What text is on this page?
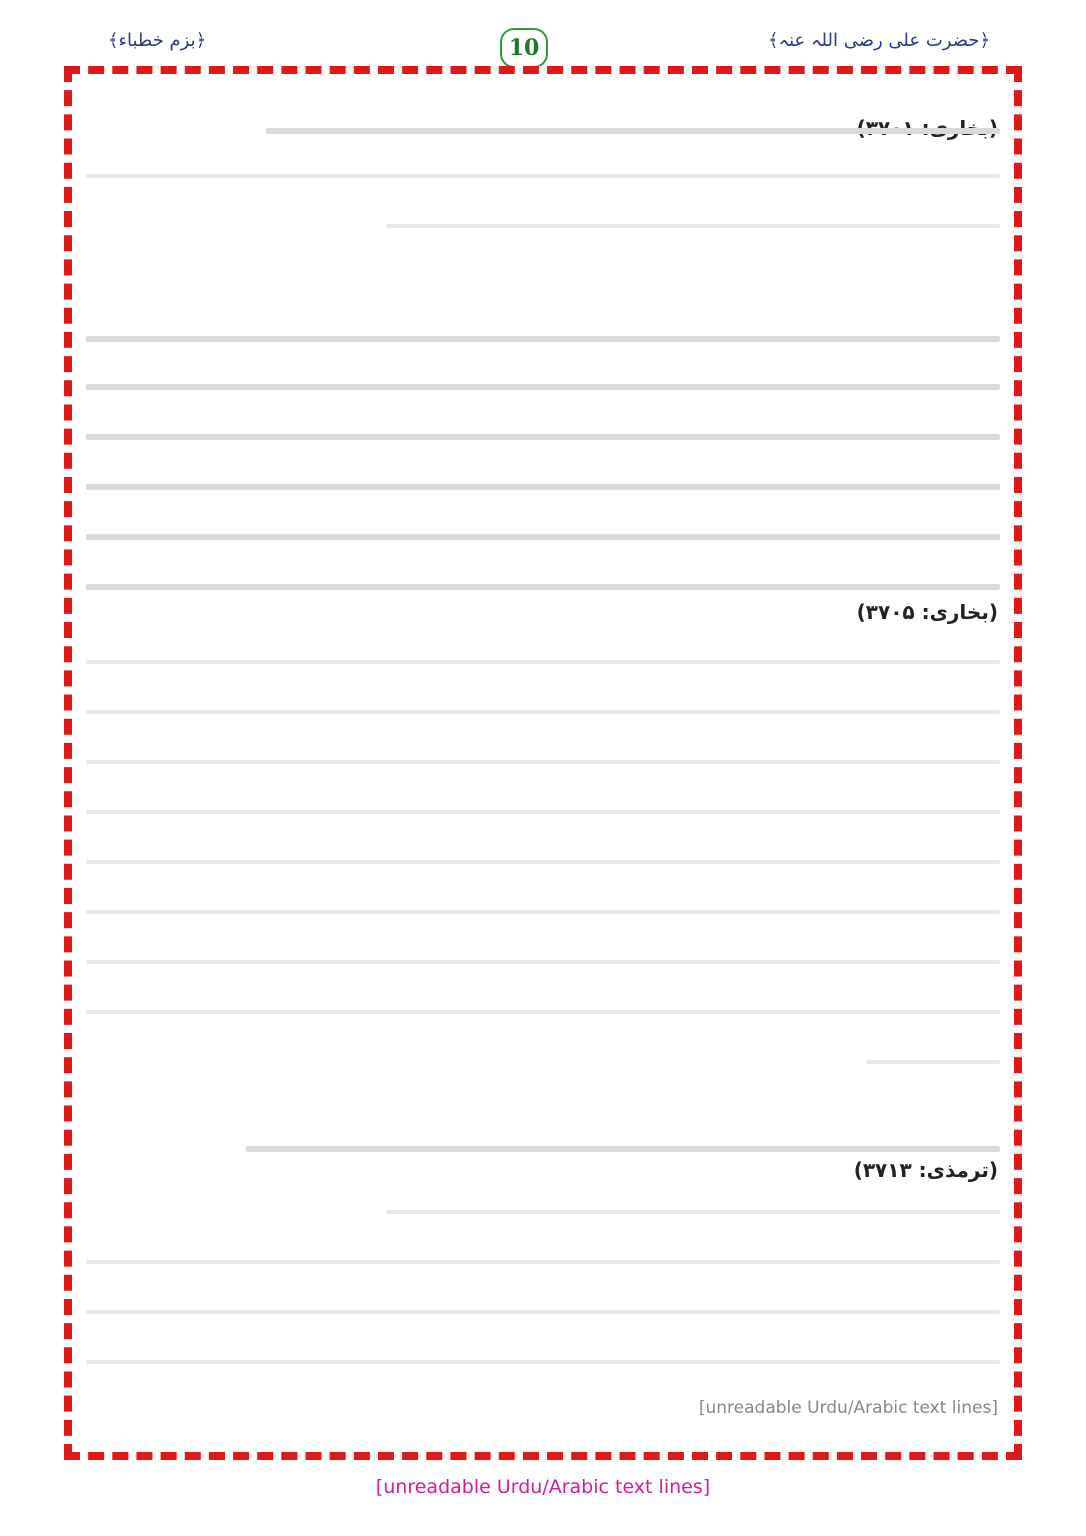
﴾بزم خطباء﴿	10	﴾حضرت علی رضی اللہ عنہ﴿
(بخاری: ۳۷۰۵)
(ترمذی: ۳۷۱۳)
[unreadable Urdu/Arabic text lines]
[unreadable Urdu/Arabic text lines]
